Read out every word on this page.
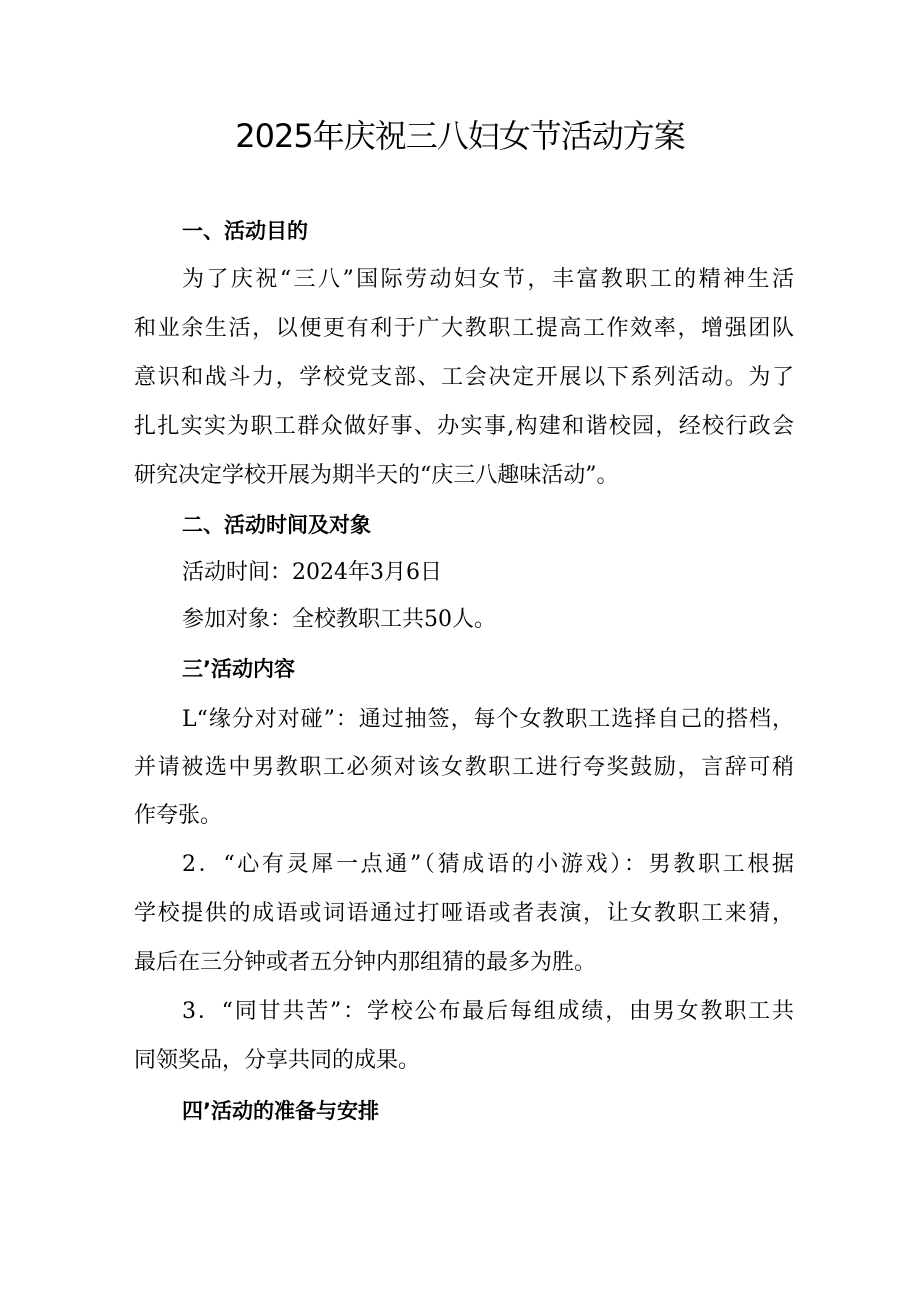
2025年庆祝三八妇女节活动方案
一、活动目的
为了庆祝“三八”国际劳动妇女节，丰富教职工的精神生活
和业余生活，以便更有利于广大教职工提高工作效率，增强团队
意识和战斗力，学校党支部、工会决定开展以下系列活动。为了
扎扎实实为职工群众做好事、办实事,构建和谐校园，经校行政会
研究决定学校开展为期半天的“庆三八趣味活动”。
二、活动时间及对象
活动时间：2024年3月6日
参加对象：全校教职工共50人。
三’活动内容
L“缘分对对碰”：通过抽签，每个女教职工选择自己的搭档，
并请被选中男教职工必须对该女教职工进行夸奖鼓励，言辞可稍
作夸张。
2．“心有灵犀一点通”（猜成语的小游戏）：男教职工根据
学校提供的成语或词语通过打哑语或者表演，让女教职工来猜，
最后在三分钟或者五分钟内那组猜的最多为胜。
3．“同甘共苦”：学校公布最后每组成绩，由男女教职工共
同领奖品，分享共同的成果。
四’活动的准备与安排
